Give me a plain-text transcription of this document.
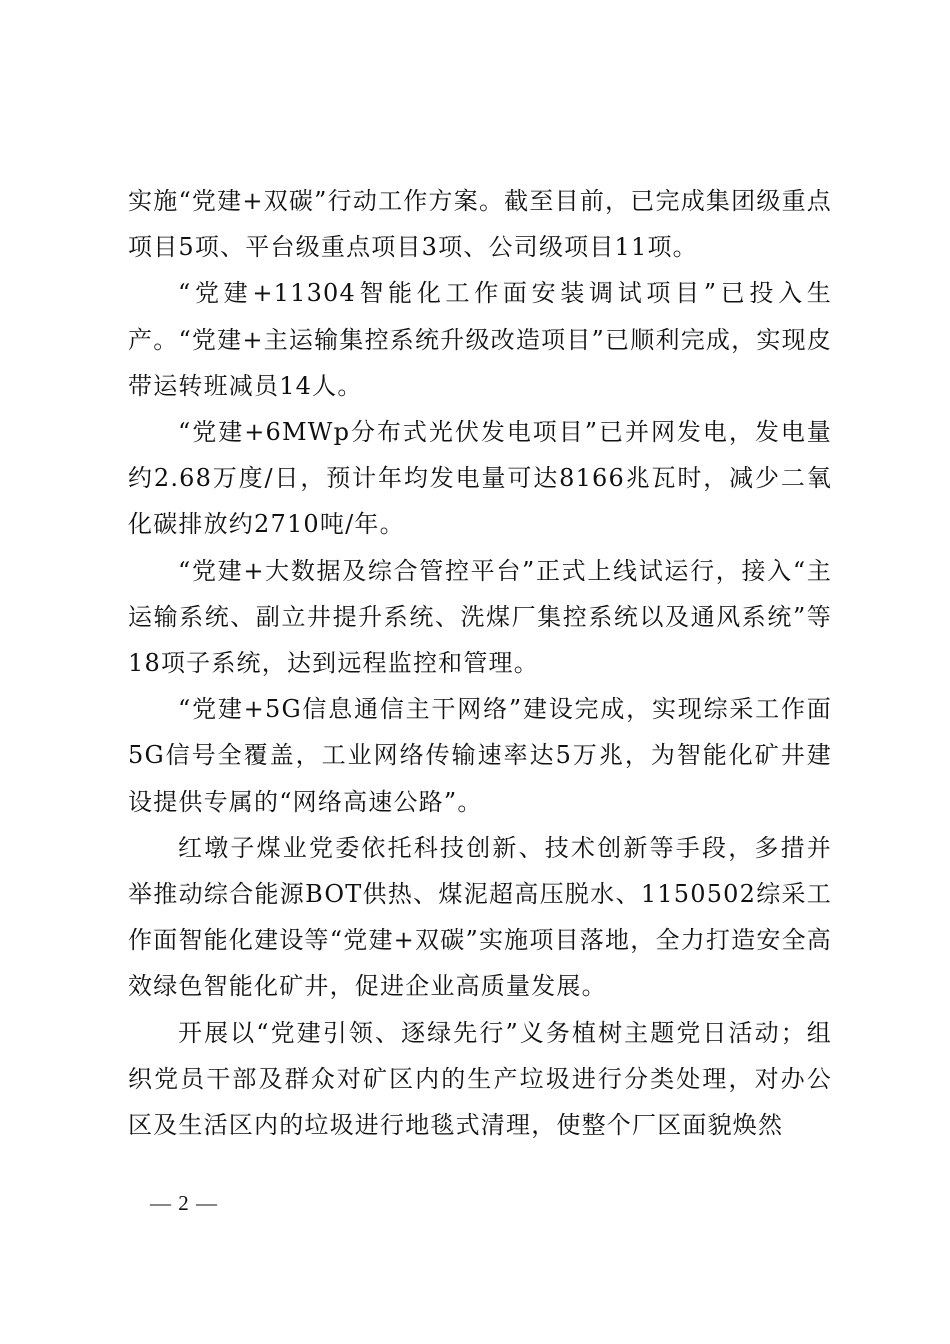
实施“党建+双碳”行动工作方案。截至目前，已完成集团级重点项目5项、平台级重点项目3项、公司级项目11项。

“党建+11304智能化工作面安装调试项目”已投入生产。“党建+主运输集控系统升级改造项目”已顺利完成，实现皮带运转班减员14人。

“党建+6MWp分布式光伏发电项目”已并网发电，发电量约2.68万度/日，预计年均发电量可达8166兆瓦时，减少二氧化碳排放约2710吨/年。

“党建+大数据及综合管控平台”正式上线试运行，接入“主运输系统、副立井提升系统、洗煤厂集控系统以及通风系统”等18项子系统，达到远程监控和管理。

“党建+5G信息通信主干网络”建设完成，实现综采工作面5G信号全覆盖，工业网络传输速率达5万兆，为智能化矿井建设提供专属的“网络高速公路”。

红墩子煤业党委依托科技创新、技术创新等手段，多措并举推动综合能源BOT供热、煤泥超高压脱水、1150502综采工作面智能化建设等“党建+双碳”实施项目落地，全力打造安全高效绿色智能化矿井，促进企业高质量发展。

开展以“党建引领、逐绿先行”义务植树主题党日活动；组织党员干部及群众对矿区内的生产垃圾进行分类处理，对办公区及生活区内的垃圾进行地毯式清理，使整个厂区面貌焕然

— 2 —
